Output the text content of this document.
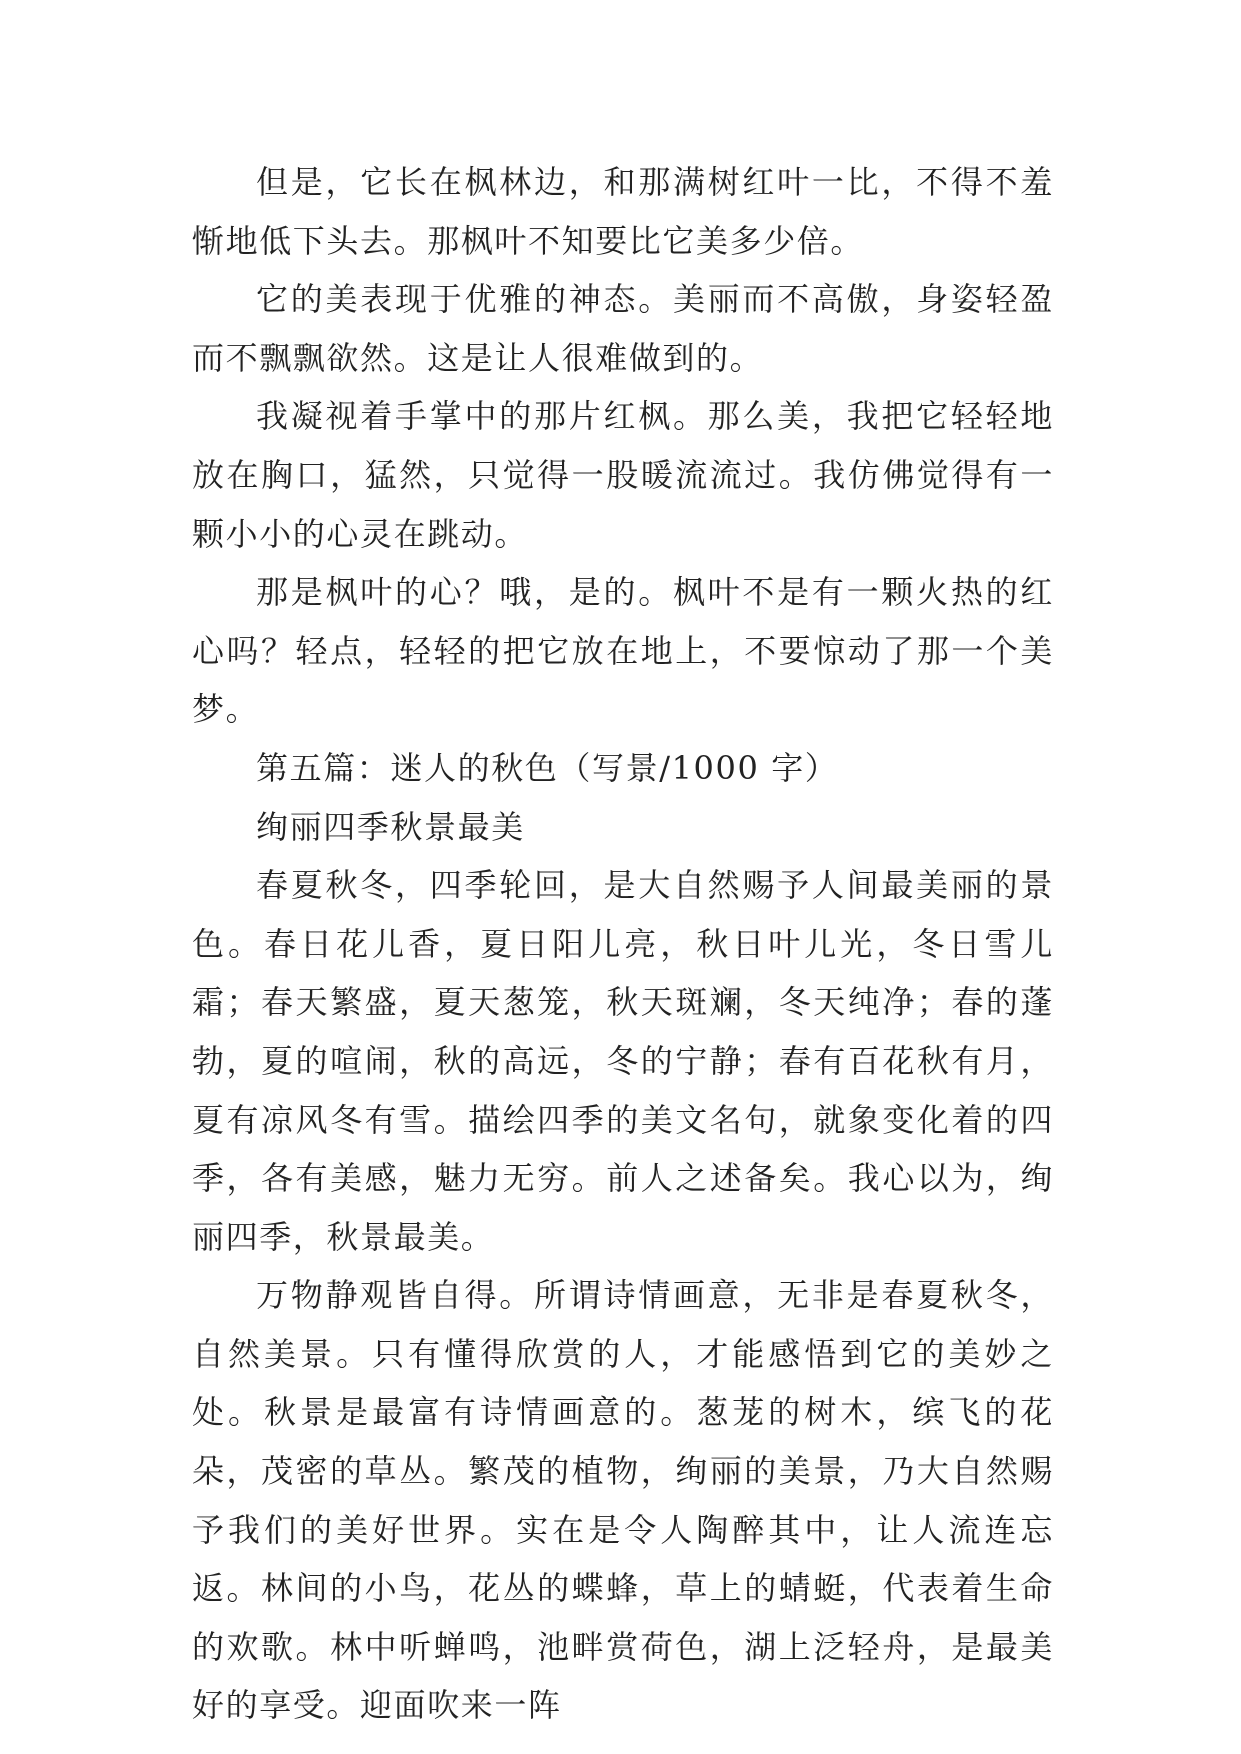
但是，它长在枫林边，和那满树红叶一比，不得不羞惭地低下头去。那枫叶不知要比它美多少倍。

它的美表现于优雅的神态。美丽而不高傲，身姿轻盈而不飘飘欲然。这是让人很难做到的。

我凝视着手掌中的那片红枫。那么美，我把它轻轻地放在胸口，猛然，只觉得一股暖流流过。我仿佛觉得有一颗小小的心灵在跳动。

那是枫叶的心？哦，是的。枫叶不是有一颗火热的红心吗？轻点，轻轻的把它放在地上，不要惊动了那一个美梦。

第五篇：迷人的秋色（写景/1000 字）

绚丽四季秋景最美

春夏秋冬，四季轮回，是大自然赐予人间最美丽的景色。春日花儿香，夏日阳儿亮，秋日叶儿光，冬日雪儿霜；春天繁盛，夏天葱笼，秋天斑斓，冬天纯净；春的蓬勃，夏的喧闹，秋的高远，冬的宁静；春有百花秋有月，夏有凉风冬有雪。描绘四季的美文名句，就象变化着的四季，各有美感，魅力无穷。前人之述备矣。我心以为，绚丽四季，秋景最美。

万物静观皆自得。所谓诗情画意，无非是春夏秋冬，自然美景。只有懂得欣赏的人，才能感悟到它的美妙之处。秋景是最富有诗情画意的。葱茏的树木，缤飞的花朵，茂密的草丛。繁茂的植物，绚丽的美景，乃大自然赐予我们的美好世界。实在是令人陶醉其中，让人流连忘返。林间的小鸟，花丛的蝶蜂，草上的蜻蜓，代表着生命的欢歌。林中听蝉鸣，池畔赏荷色，湖上泛轻舟，是最美好的享受。迎面吹来一阵
